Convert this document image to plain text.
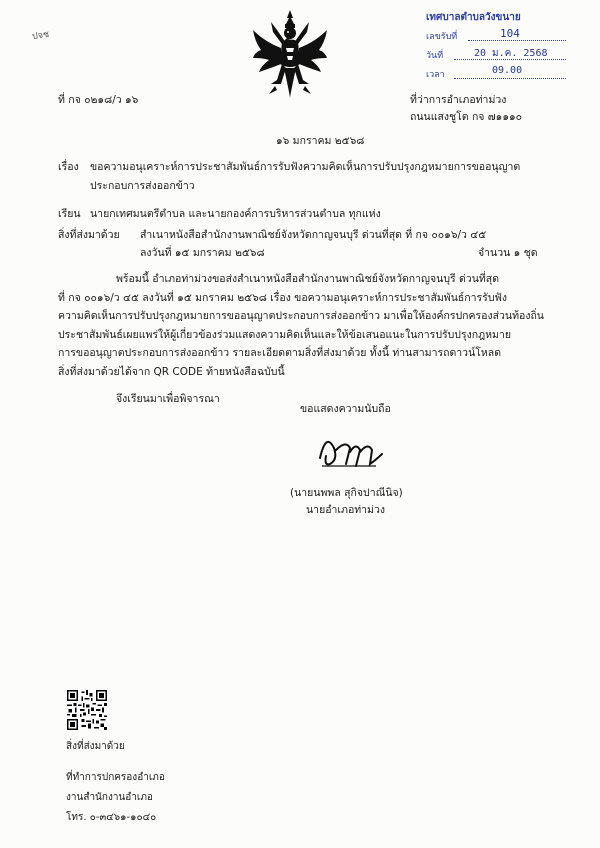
ปจช
เทศบาลตำบลวังขนาย
เลขรับที่	104
วันที่	20 ม.ค. 2568
เวลา	09.00
ที่ กจ ๐๒๑๘/ว ๑๖	ที่ว่าการอำเภอท่าม่วง
ถนนแสงชูโต กจ ๗๑๑๑๐
๑๖ มกราคม ๒๕๖๘
เรื่อง ขอความอนุเคราะห์การประชาสัมพันธ์การรับฟังความคิดเห็นการปรับปรุงกฎหมายการขออนุญาต
ประกอบการส่งออกข้าว
เรียน นายกเทศมนตรีตำบล และนายกองค์การบริหารส่วนตำบล ทุกแห่ง
สิ่งที่ส่งมาด้วย สำเนาหนังสือสำนักงานพาณิชย์จังหวัดกาญจนบุรี ด่วนที่สุด ที่ กจ ๐๐๑๖/ว ๔๕
ลงวันที่ ๑๕ มกราคม ๒๕๖๘	จำนวน ๑ ชุด
พร้อมนี้ อำเภอท่าม่วงขอส่งสำเนาหนังสือสำนักงานพาณิชย์จังหวัดกาญจนบุรี ด่วนที่สุด
ที่ กจ ๐๐๑๖/ว ๔๕ ลงวันที่ ๑๕ มกราคม ๒๕๖๘ เรื่อง ขอความอนุเคราะห์การประชาสัมพันธ์การรับฟัง
ความคิดเห็นการปรับปรุงกฎหมายการขออนุญาตประกอบการส่งออกข้าว มาเพื่อให้องค์กรปกครองส่วนท้องถิ่น
ประชาสัมพันธ์เผยแพร่ให้ผู้เกี่ยวข้องร่วมแสดงความคิดเห็นและให้ข้อเสนอแนะในการปรับปรุงกฎหมาย
การขออนุญาตประกอบการส่งออกข้าว รายละเอียดตามสิ่งที่ส่งมาด้วย ทั้งนี้ ท่านสามารถดาวน์โหลด
สิ่งที่ส่งมาด้วยได้จาก QR CODE ท้ายหนังสือฉบับนี้
จึงเรียนมาเพื่อพิจารณา
ขอแสดงความนับถือ
(นายนพพล สุกิจปาณีนิจ)
นายอำเภอท่าม่วง
สิ่งที่ส่งมาด้วย
ที่ทำการปกครองอำเภอ
งานสำนักงานอำเภอ
โทร. ๐-๓๔๖๑-๑๐๔๐
